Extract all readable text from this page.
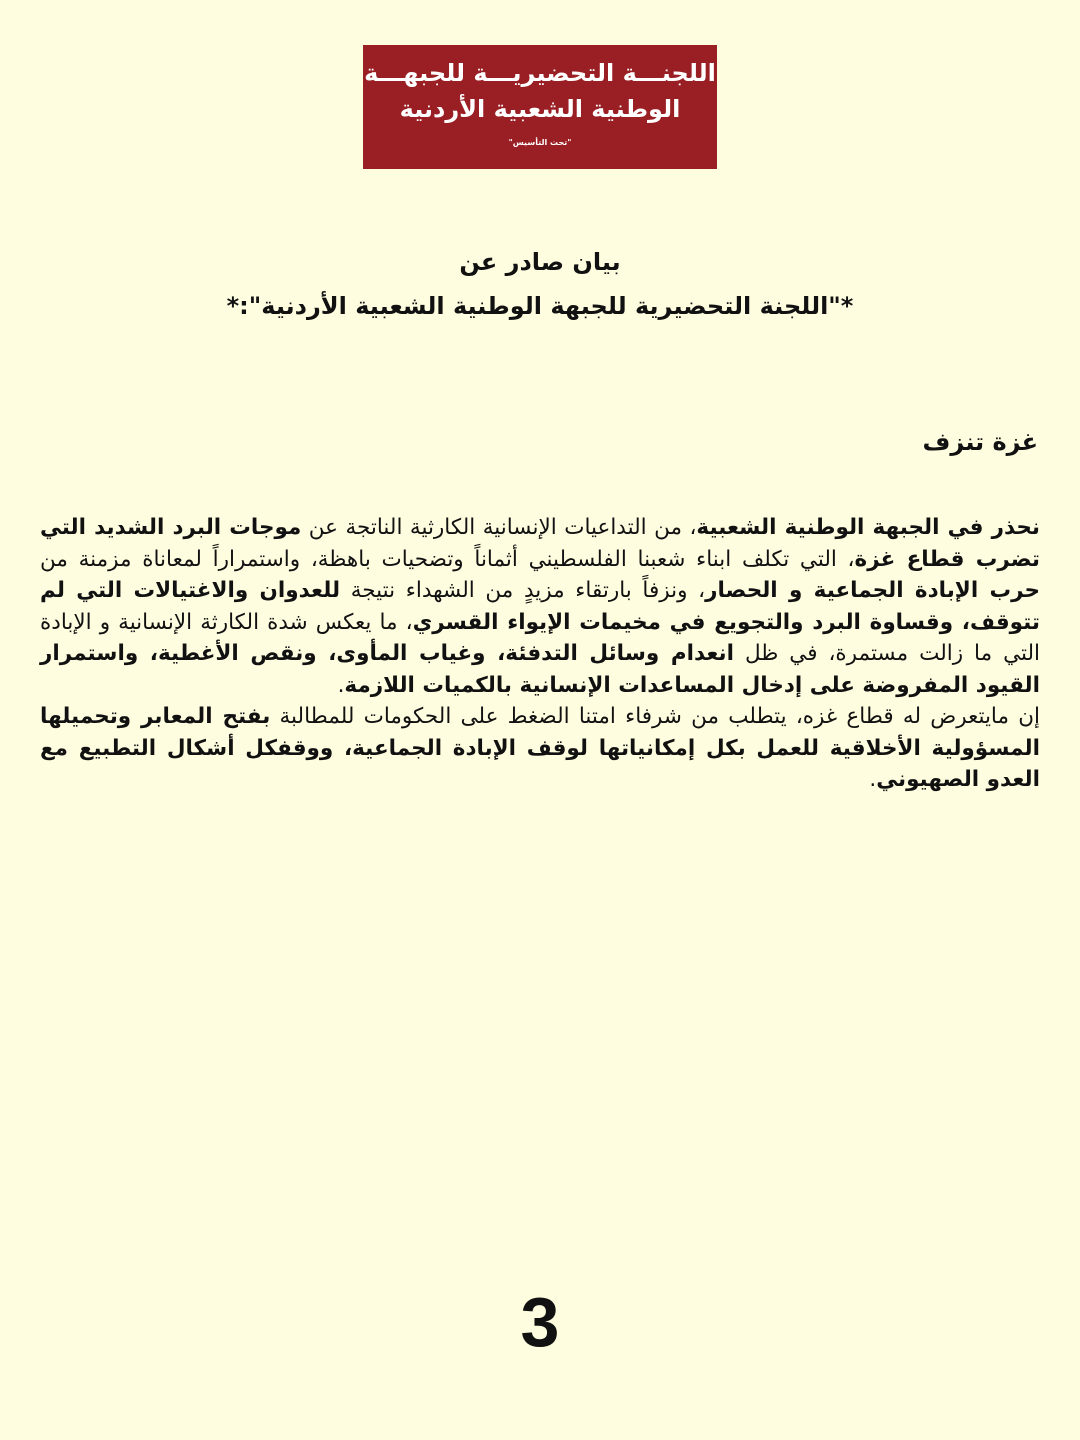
اللجنـــة التحضيريـــة للجبهـــة
الوطنية الشعبية الأردنية
"تحت التأسيس"
بيان صادر عن
*"اللجنة التحضيرية للجبهة الوطنية الشعبية الأردنية":*
غزة تنزف

نحذر في الجبهة الوطنية الشعبية، من التداعيات الإنسانية الكارثية الناتجة عن موجات البرد الشديد التي تضرب قطاع غزة، التي تكلف ابناء شعبنا الفلسطيني أثماناً وتضحيات باهظة، واستمراراً لمعاناة مزمنة من حرب الإبادة الجماعية و الحصار، ونزفاً بارتقاء مزيدٍ من الشهداء نتيجة للعدوان والاغتيالات التي لم تتوقف، وقساوة البرد والتجويع في مخيمات الإيواء القسري، ما يعكس شدة الكارثة الإنسانية و الإبادة التي ما زالت مستمرة، في ظل انعدام وسائل التدفئة، وغياب المأوى، ونقص الأغطية، واستمرار القيود المفروضة على إدخال المساعدات الإنسانية بالكميات اللازمة.

إن مايتعرض له قطاع غزه، يتطلب من شرفاء امتنا الضغط على الحكومات للمطالبة بفتح المعابر وتحميلها المسؤولية الأخلاقية للعمل بكل إمكانياتها لوقف الإبادة الجماعية، ووقفكل أشكال التطبيع مع العدو الصهيوني.

3
